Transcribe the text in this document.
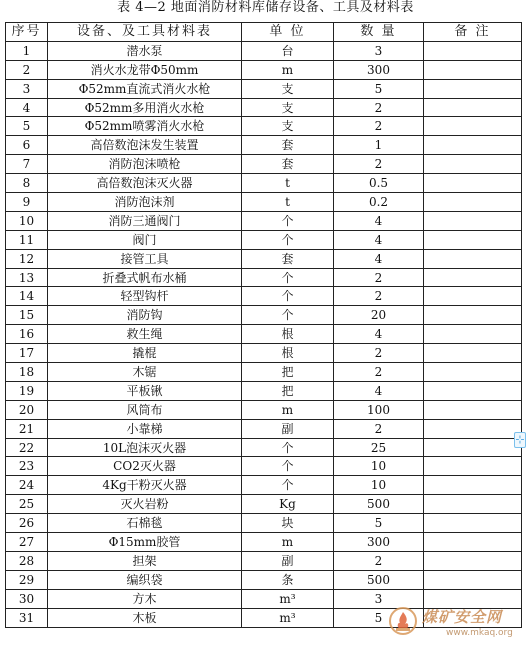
表 4—2 地面消防材料库储存设备、工具及材料表
序号	设备、及工具材料表	单 位	数 量	备 注
1	潜水泵	台	3	
2	消火水龙带Φ50mm	m	300	
3	Φ52mm直流式消火水枪	支	5	
4	Φ52mm多用消火水枪	支	2	
5	Φ52mm喷雾消火水枪	支	2	
6	高倍数泡沫发生装置	套	1	
7	消防泡沫喷枪	套	2	
8	高倍数泡沫灭火器	t	0.5	
9	消防泡沫剂	t	0.2	
10	消防三通阀门	个	4	
11	阀门	个	4	
12	接管工具	套	4	
13	折叠式帆布水桶	个	2	
14	轻型钩杆	个	2	
15	消防钩	个	20	
16	救生绳	根	4	
17	撬棍	根	2	
18	木锯	把	2	
19	平板锹	把	4	
20	风筒布	m	100	
21	小靠梯	副	2	
22	10L泡沫灭火器	个	25	
23	CO2灭火器	个	10	
24	4Kg干粉灭火器	个	10	
25	灭火岩粉	Kg	500	
26	石棉毯	块	5	
27	Φ15mm胶管	m	300	
28	担架	副	2	
29	编织袋	条	500	
30	方木	m³	3	
31	木板	m³	5	
⊹
煤矿安全网
www.mkaq.org
